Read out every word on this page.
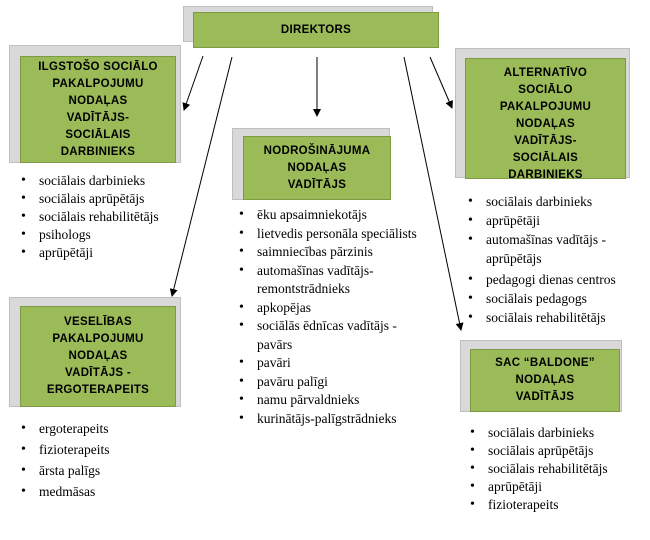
DIREKTORS
ILGSTOŠO SOCIĀLO
PAKALPOJUMU
NODAĻAS
VADĪTĀJS-
SOCIĀLAIS
DARBINIEKS
• sociālais darbinieks
• sociālais aprūpētājs
• sociālais rehabilitētājs
• psihologs
• aprūpētāji
VESELĪBAS
PAKALPOJUMU
NODAĻAS
VADĪTĀJS -
ERGOTERAPEITS
• ergoterapeits
• fizioterapeits
• ārsta palīgs
• medmāsas
NODROŠINĀJUMA
NODAĻAS
VADĪTĀJS
• ēku apsaimniekotājs
• lietvedis personāla speciālists
• saimniecības pārzinis
• automašīnas vadītājs-remontstrādnieks
• apkopējas
• sociālās ēdnīcas vadītājs -pavārs
• pavāri
• pavāru palīgi
• namu pārvaldnieks
• kurinātājs-palīgstrādnieks
ALTERNATĪVO
SOCIĀLO
PAKALPOJUMU
NODAĻAS
VADĪTĀJS-
SOCIĀLAIS
DARBINIEKS
• sociālais darbinieks
• aprūpētāji
• automašīnas vadītājs - aprūpētājs
• pedagogi dienas centros
• sociālais pedagogs
• sociālais rehabilitētājs
SAC “BALDONE”
NODAĻAS
VADĪTĀJS
• sociālais darbinieks
• sociālais aprūpētājs
• sociālais rehabilitētājs
• aprūpētāji
• fizioterapeits
